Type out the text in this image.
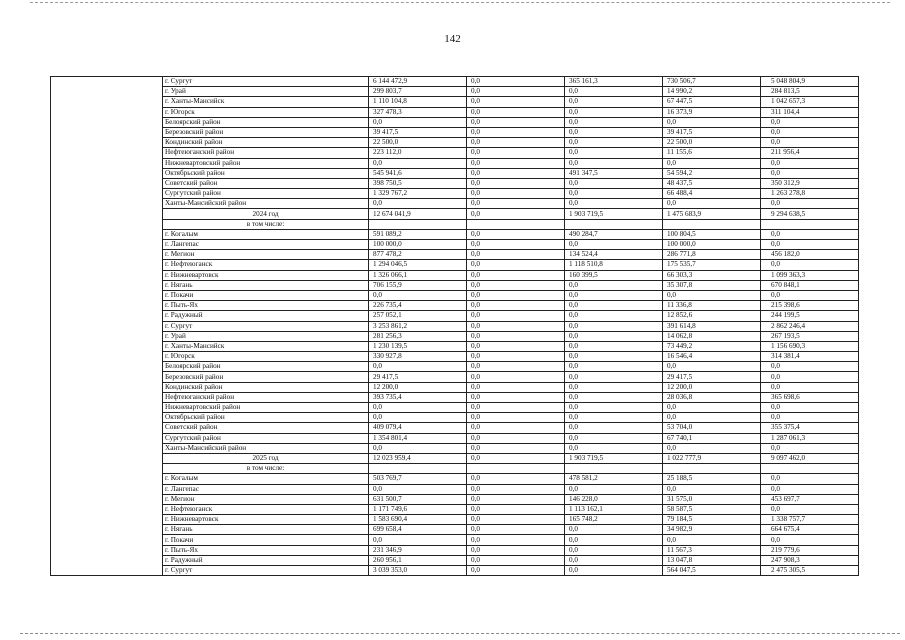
142
	г. Сургут	6 144 472,9	0,0	365 161,3	730 506,7	5 048 804,9
	г. Урай	299 803,7	0,0	0,0	14 990,2	284 813,5
	г. Ханты-Мансийск	1 110 104,8	0,0	0,0	67 447,5	1 042 657,3
	г. Югорск	327 478,3	0,0	0,0	16 373,9	311 104,4
	Белоярский район	0,0	0,0	0,0	0,0	0,0
	Березовский район	39 417,5	0,0	0,0	39 417,5	0,0
	Кондинский район	22 500,0	0,0	0,0	22 500,0	0,0
	Нефтеюганский район	223 112,0	0,0	0,0	11 155,6	211 956,4
	Нижневартовский район	0,0	0,0	0,0	0,0	0,0
	Октябрьский район	545 941,6	0,0	491 347,5	54 594,2	0,0
	Советский район	398 750,5	0,0	0,0	48 437,5	350 312,9
	Сургутский район	1 329 767,2	0,0	0,0	66 488,4	1 263 278,8
	Ханты-Мансийский район	0,0	0,0	0,0	0,0	0,0
	2024 год	12 674 041,9	0,0	1 903 719,5	1 475 683,9	9 294 638,5
	в том числе:					
	г. Когалым	591 089,2	0,0	490 284,7	100 804,5	0,0
	г. Лангепас	100 000,0	0,0	0,0	100 000,0	0,0
	г. Мегион	877 478,2	0,0	134 524,4	286 771,8	456 182,0
	г. Нефтеюганск	1 294 046,5	0,0	1 118 510,8	175 535,7	0,0
	г. Нижневартовск	1 326 066,1	0,0	160 399,5	66 303,3	1 099 363,3
	г. Нягань	706 155,9	0,0	0,0	35 307,8	670 848,1
	г. Покачи	0,0	0,0	0,0	0,0	0,0
	г. Пыть-Ях	226 735,4	0,0	0,0	11 336,8	215 398,6
	г. Радужный	257 052,1	0,0	0,0	12 852,6	244 199,5
	г. Сургут	3 253 861,2	0,0	0,0	391 614,8	2 862 246,4
	г. Урай	281 256,3	0,0	0,0	14 062,8	267 193,5
	г. Ханты-Мансийск	1 230 139,5	0,0	0,0	73 449,2	1 156 690,3
	г. Югорск	330 927,8	0,0	0,0	16 546,4	314 381,4
	Белоярский район	0,0	0,0	0,0	0,0	0,0
	Березовский район	29 417,5	0,0	0,0	29 417,5	0,0
	Кондинский район	12 200,0	0,0	0,0	12 200,0	0,0
	Нефтеюганский район	393 735,4	0,0	0,0	28 036,8	365 698,6
	Нижневартовский район	0,0	0,0	0,0	0,0	0,0
	Октябрьский район	0,0	0,0	0,0	0,0	0,0
	Советский район	409 079,4	0,0	0,0	53 704,0	355 375,4
	Сургутский район	1 354 801,4	0,0	0,0	67 740,1	1 287 061,3
	Ханты-Мансийский район	0,0	0,0	0,0	0,0	0,0
	2025 год	12 023 959,4	0,0	1 903 719,5	1 022 777,9	9 097 462,0
	в том числе:					
	г. Когалым	503 769,7	0,0	478 581,2	25 188,5	0,0
	г. Лангепас	0,0	0,0	0,0	0,0	0,0
	г. Мегион	631 500,7	0,0	146 228,0	31 575,0	453 697,7
	г. Нефтеюганск	1 171 749,6	0,0	1 113 162,1	58 587,5	0,0
	г. Нижневартовск	1 583 690,4	0,0	165 748,2	79 184,5	1 338 757,7
	г. Нягань	699 658,4	0,0	0,0	34 982,9	664 675,4
	г. Покачи	0,0	0,0	0,0	0,0	0,0
	г. Пыть-Ях	231 346,9	0,0	0,0	11 567,3	219 779,6
	г. Радужный	260 956,1	0,0	0,0	13 047,8	247 908,3
	г. Сургут	3 039 353,0	0,0	0,0	564 047,5	2 475 305,5
